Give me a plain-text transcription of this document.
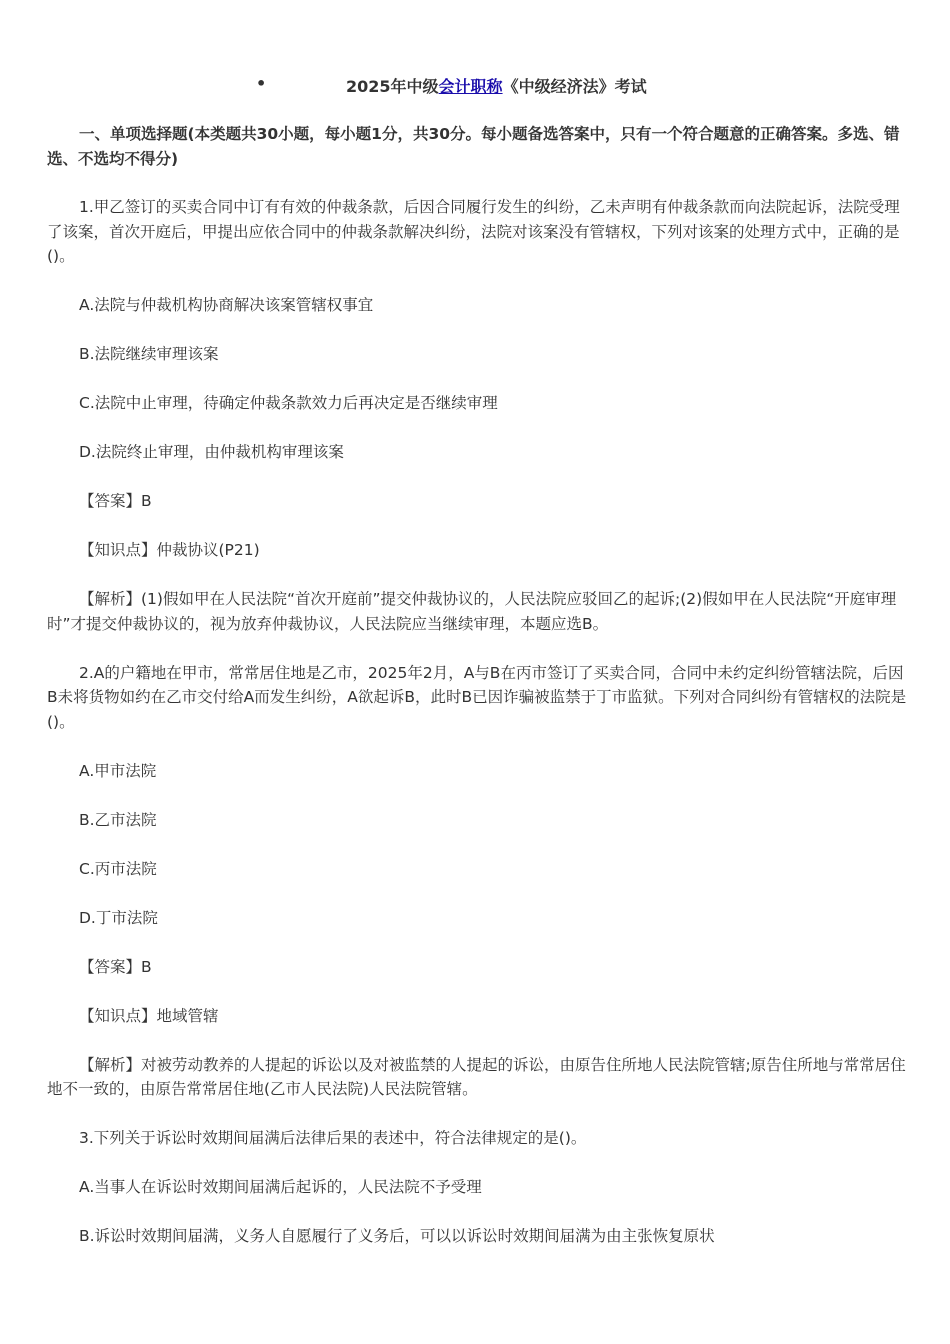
•	2025年中级会计职称《中级经济法》考试

一、单项选择题(本类题共30小题，每小题1分，共30分。每小题备选答案中，只有一个符合题意的正确答案。多选、错选、不选均不得分)

1.甲乙签订的买卖合同中订有有效的仲裁条款，后因合同履行发生的纠纷，乙未声明有仲裁条款而向法院起诉，法院受理了该案，首次开庭后，甲提出应依合同中的仲裁条款解决纠纷，法院对该案没有管辖权，下列对该案的处理方式中，正确的是()。

A.法院与仲裁机构协商解决该案管辖权事宜

B.法院继续审理该案

C.法院中止审理，待确定仲裁条款效力后再决定是否继续审理

D.法院终止审理，由仲裁机构审理该案

【答案】B

【知识点】仲裁协议(P21)

【解析】(1)假如甲在人民法院“首次开庭前”提交仲裁协议的，人民法院应驳回乙的起诉;(2)假如甲在人民法院“开庭审理时”才提交仲裁协议的，视为放弃仲裁协议，人民法院应当继续审理，本题应选B。

2.A的户籍地在甲市，常常居住地是乙市，2025年2月，A与B在丙市签订了买卖合同，合同中未约定纠纷管辖法院，后因B未将货物如约在乙市交付给A而发生纠纷，A欲起诉B，此时B已因诈骗被监禁于丁市监狱。下列对合同纠纷有管辖权的法院是()。

A.甲市法院

B.乙市法院

C.丙市法院

D.丁市法院

【答案】B

【知识点】地域管辖

【解析】对被劳动教养的人提起的诉讼以及对被监禁的人提起的诉讼，由原告住所地人民法院管辖;原告住所地与常常居住地不一致的，由原告常常居住地(乙市人民法院)人民法院管辖。

3.下列关于诉讼时效期间届满后法律后果的表述中，符合法律规定的是()。

A.当事人在诉讼时效期间届满后起诉的，人民法院不予受理

B.诉讼时效期间届满，义务人自愿履行了义务后，可以以诉讼时效期间届满为由主张恢复原状
